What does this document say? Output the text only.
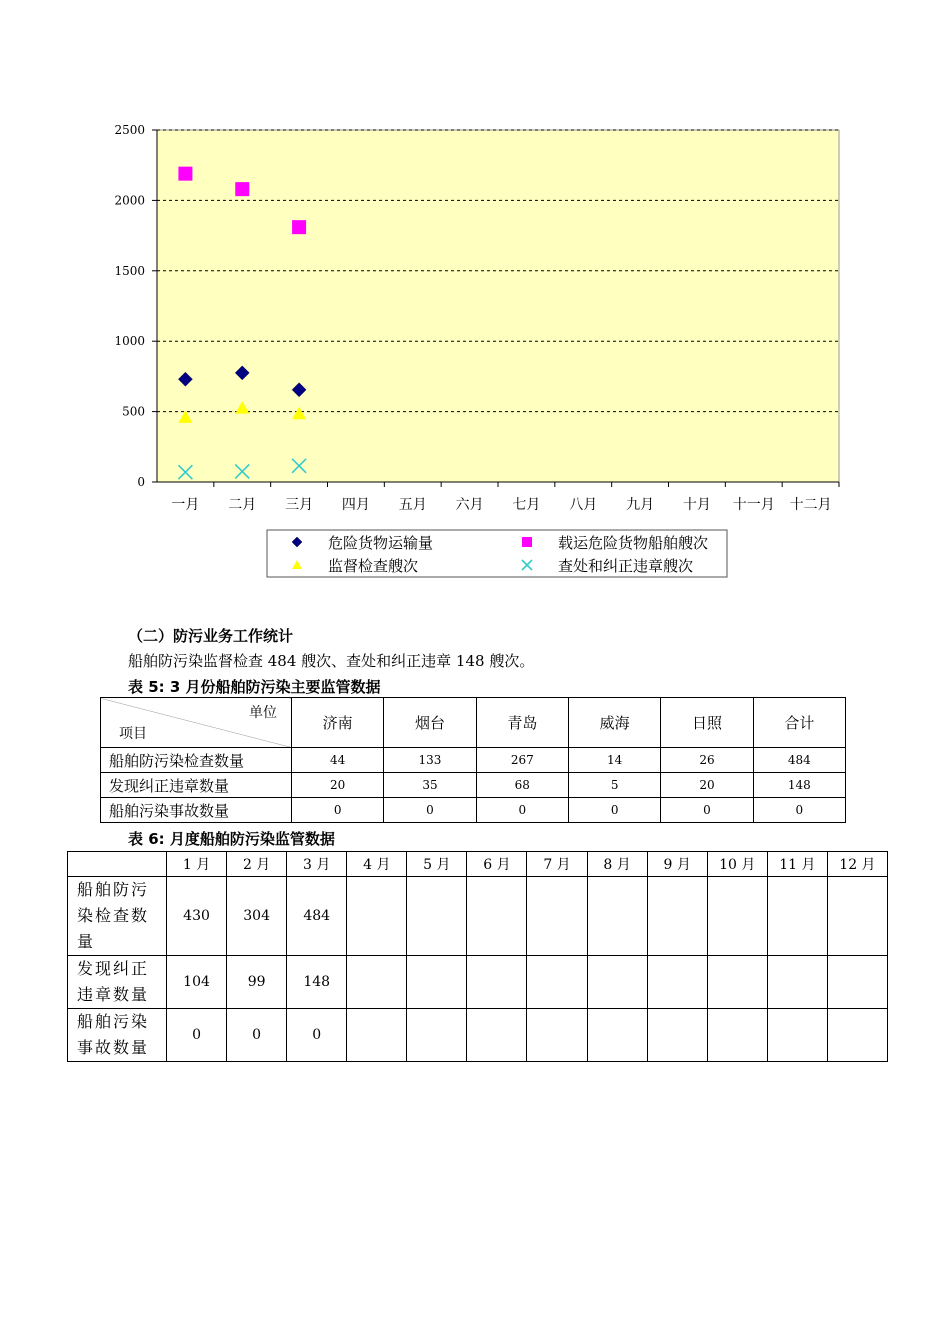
0
500
1000
1500
2000
2500
一月 二月 三月 四月 五月 六月 七月 八月 九月 十月 十一月 十二月
危险货物运输量	载运危险货物船舶艘次
监督检查艘次	查处和纠正违章艘次
（二）防污业务工作统计
船舶防污染监督检查 484 艘次、查处和纠正违章 148 艘次。
表 5: 3 月份船舶防污染主要监管数据
单位
项目	济南	烟台	青岛	威海	日照	合计
船舶防污染检查数量	44	133	267	14	26	484
发现纠正违章数量	20	35	68	5	20	148
船舶污染事故数量	0	0	0	0	0	0
表 6: 月度船舶防污染监管数据
	1 月	2 月	3 月	4 月	5 月	6 月	7 月	8 月	9 月	10 月	11 月	12 月

船舶防污
染检查数
量	430	304	484									

发现纠正
违章数量	104	99	148									

船舶污染
事故数量	0	0	0									
